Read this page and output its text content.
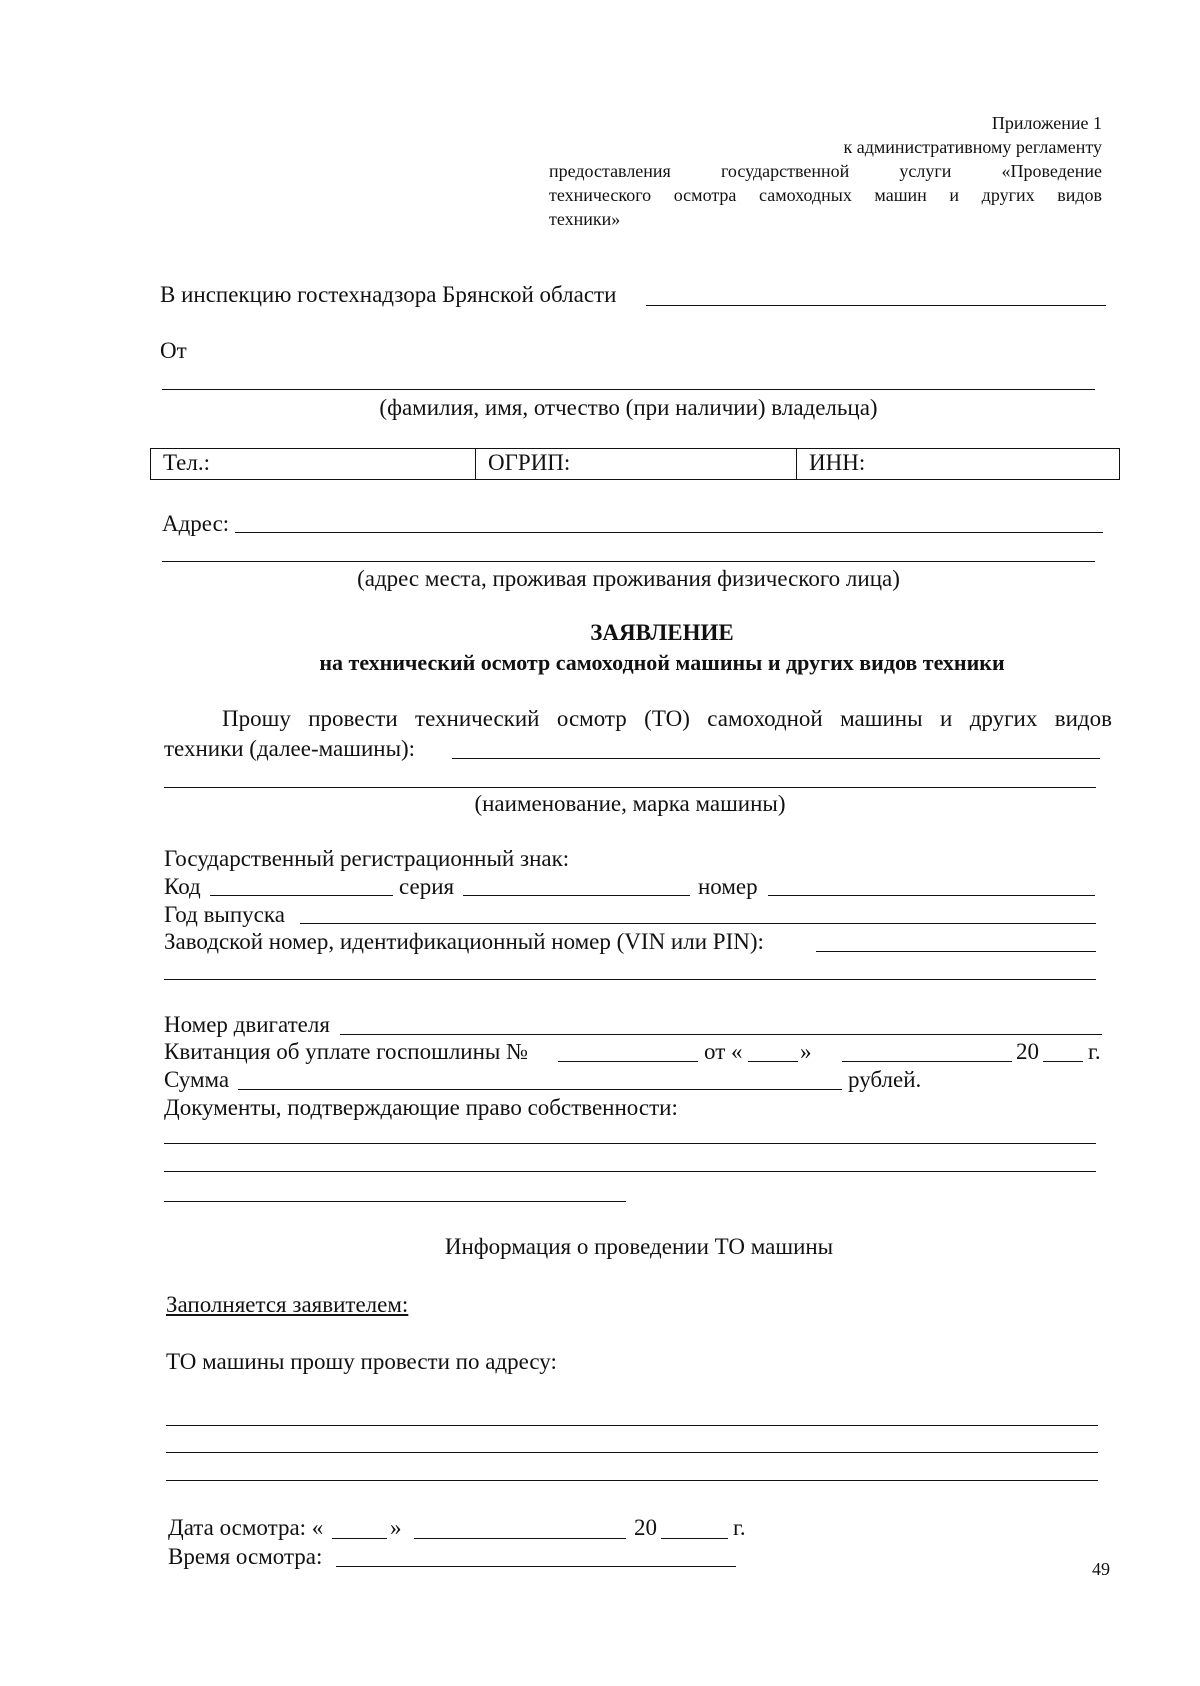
Приложение 1
к административному регламенту
предоставления государственной услуги «Проведение
технического осмотра самоходных машин и других видов
техники»
В инспекцию гостехнадзора Брянской области
От
(фамилия, имя, отчество (при наличии) владельца)
Тел.:	ОГРИП:	ИНН:
Адрес:
(адрес места, проживая проживания физического лица)
ЗАЯВЛЕНИЕ
на технический осмотр самоходной машины и других видов техники
Прошу провести технический осмотр (ТО) самоходной машины и других видов
техники (далее-машины):
(наименование, марка машины)
Государственный регистрационный знак:
Код	серия	номер
Год выпуска
Заводской номер, идентификационный номер (VIN или PIN):
Номер двигателя
Квитанция об уплате госпошлины №	от «	»	20 г.
Сумма	рублей.
Документы, подтверждающие право собственности:
Информация о проведении ТО машины
Заполняется заявителем:
ТО машины прошу провести по адресу:
Дата осмотра: «	»	20	г.
Время осмотра:	49
